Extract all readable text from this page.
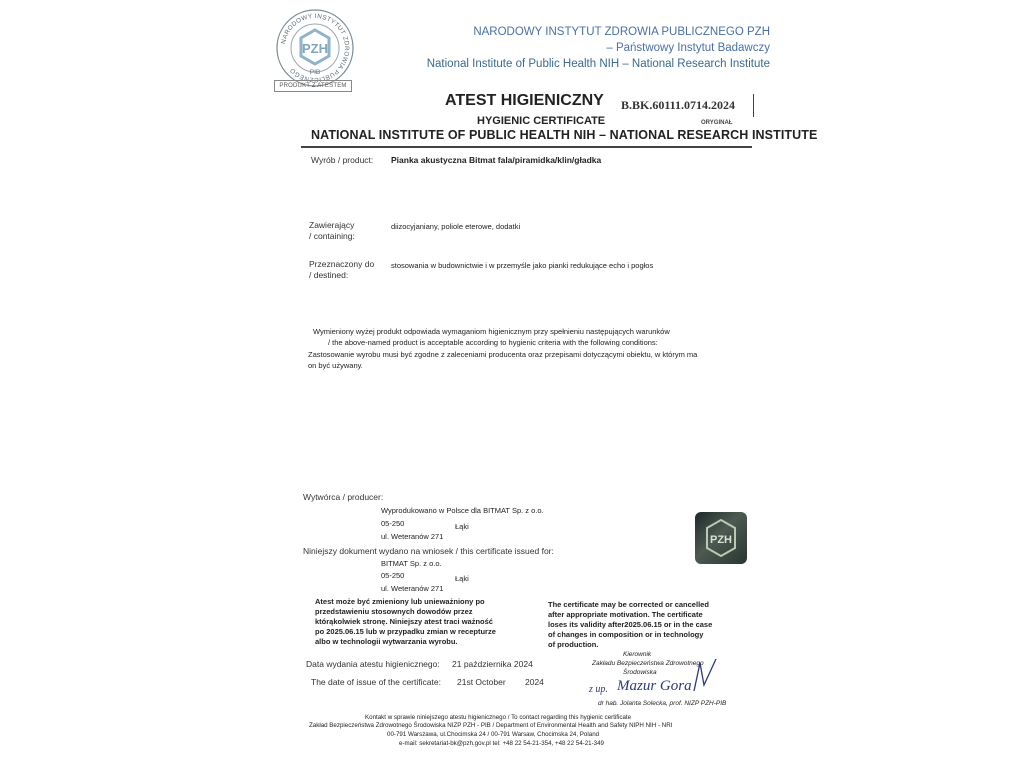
NARODOWY INSTYTUT ZDROWIA PUBLICZNEGO
PZH
PIB
PRODUKT Z ATESTEM
NARODOWY INSTYTUT ZDROWIA PUBLICZNEGO PZH
– Państwowy Instytut Badawczy
National Institute of Public Health NIH – National Research Institute
ATEST HIGIENICZNY B.BK.60111.0714.2024
HYGIENIC CERTIFICATE	ORYGINAŁ
NATIONAL INSTITUTE OF PUBLIC HEALTH NIH – NATIONAL RESEARCH INSTITUTE
Wyrób / product: Pianka akustyczna Bitmat fala/piramidka/klin/gładka
Zawierający
/ containing:
diizocyjaniany, poliole eterowe, dodatki
Przeznaczony do
/ destined:
stosowania w budownictwie i w przemyśle jako pianki redukujące echo i pogłos
Wymieniony wyżej produkt odpowiada wymaganiom higienicznym przy spełnieniu następujących warunków
/ the above-named product is acceptable according to hygienic criteria with the following conditions:
Zastosowanie wyrobu musi być zgodne z zaleceniami producenta oraz przepisami dotyczącymi obiektu, w którym ma
on być używany.
Wytwórca / producer:
Wyprodukowano w Polsce dla BITMAT Sp. z o.o.
05-250	Łąki
ul. Weteranów 271	PZH
Niniejszy dokument wydano na wniosek / this certificate issued for:
BITMAT Sp. z o.o.
05-250	Łąki
ul. Weteranów 271
Atest może być zmieniony lub unieważniony po
przedstawieniu stosownych dowodów przez
którąkolwiek stronę. Niniejszy atest traci ważność
po 2025.06.15 lub w przypadku zmian w recepturze
albo w technologii wytwarzania wyrobu.
The certificate may be corrected or cancelled
after appropriate motivation. The certificate
loses its validity after2025.06.15 or in the case
of changes in composition or in technology
of production.
Data wydania atestu higienicznego: 21 października 2024
The date of issue of the certificate: 21st October 2024
Kierownik
Zakładu Bezpieczeństwa Zdrowotnego
Środowiska
z up. Mazur Gora
dr hab. Jolanta Solecka, prof. NIZP PZH-PIB
Kontakt w sprawie niniejszego atestu higienicznego / To contact regarding this hygienic certificate
Zakład Bezpieczeństwa Zdrowotnego Środowiska NIZP PZH - PIB / Department of Environmental Health and Safety NIPH NIH - NRI
00-791 Warszawa, ul.Chocimska 24 / 00-791 Warsaw, Chocimska 24, Poland
e-mail: sekretariat-bk@pzh.gov.pl tel: +48 22 54-21-354, +48 22 54-21-349
